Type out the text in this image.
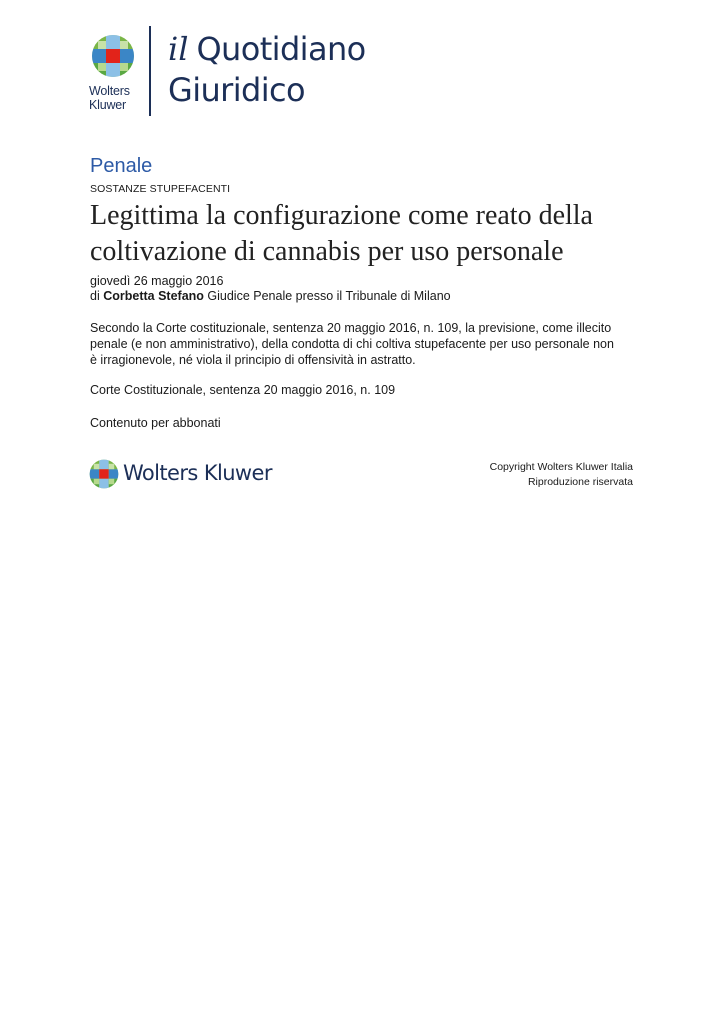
Wolters
Kluwer
il Quotidiano
Giuridico
Penale
SOSTANZE STUPEFACENTI
Legittima la configurazione come reato della
coltivazione di cannabis per uso personale
giovedì 26 maggio 2016
di Corbetta Stefano Giudice Penale presso il Tribunale di Milano
Secondo la Corte costituzionale, sentenza 20 maggio 2016, n. 109, la previsione, come illecito
penale (e non amministrativo), della condotta di chi coltiva stupefacente per uso personale non
è irragionevole, né viola il principio di offensività in astratto.
Corte Costituzionale, sentenza 20 maggio 2016, n. 109
Contenuto per abbonati
Wolters Kluwer	Copyright Wolters Kluwer Italia
Riproduzione riservata
